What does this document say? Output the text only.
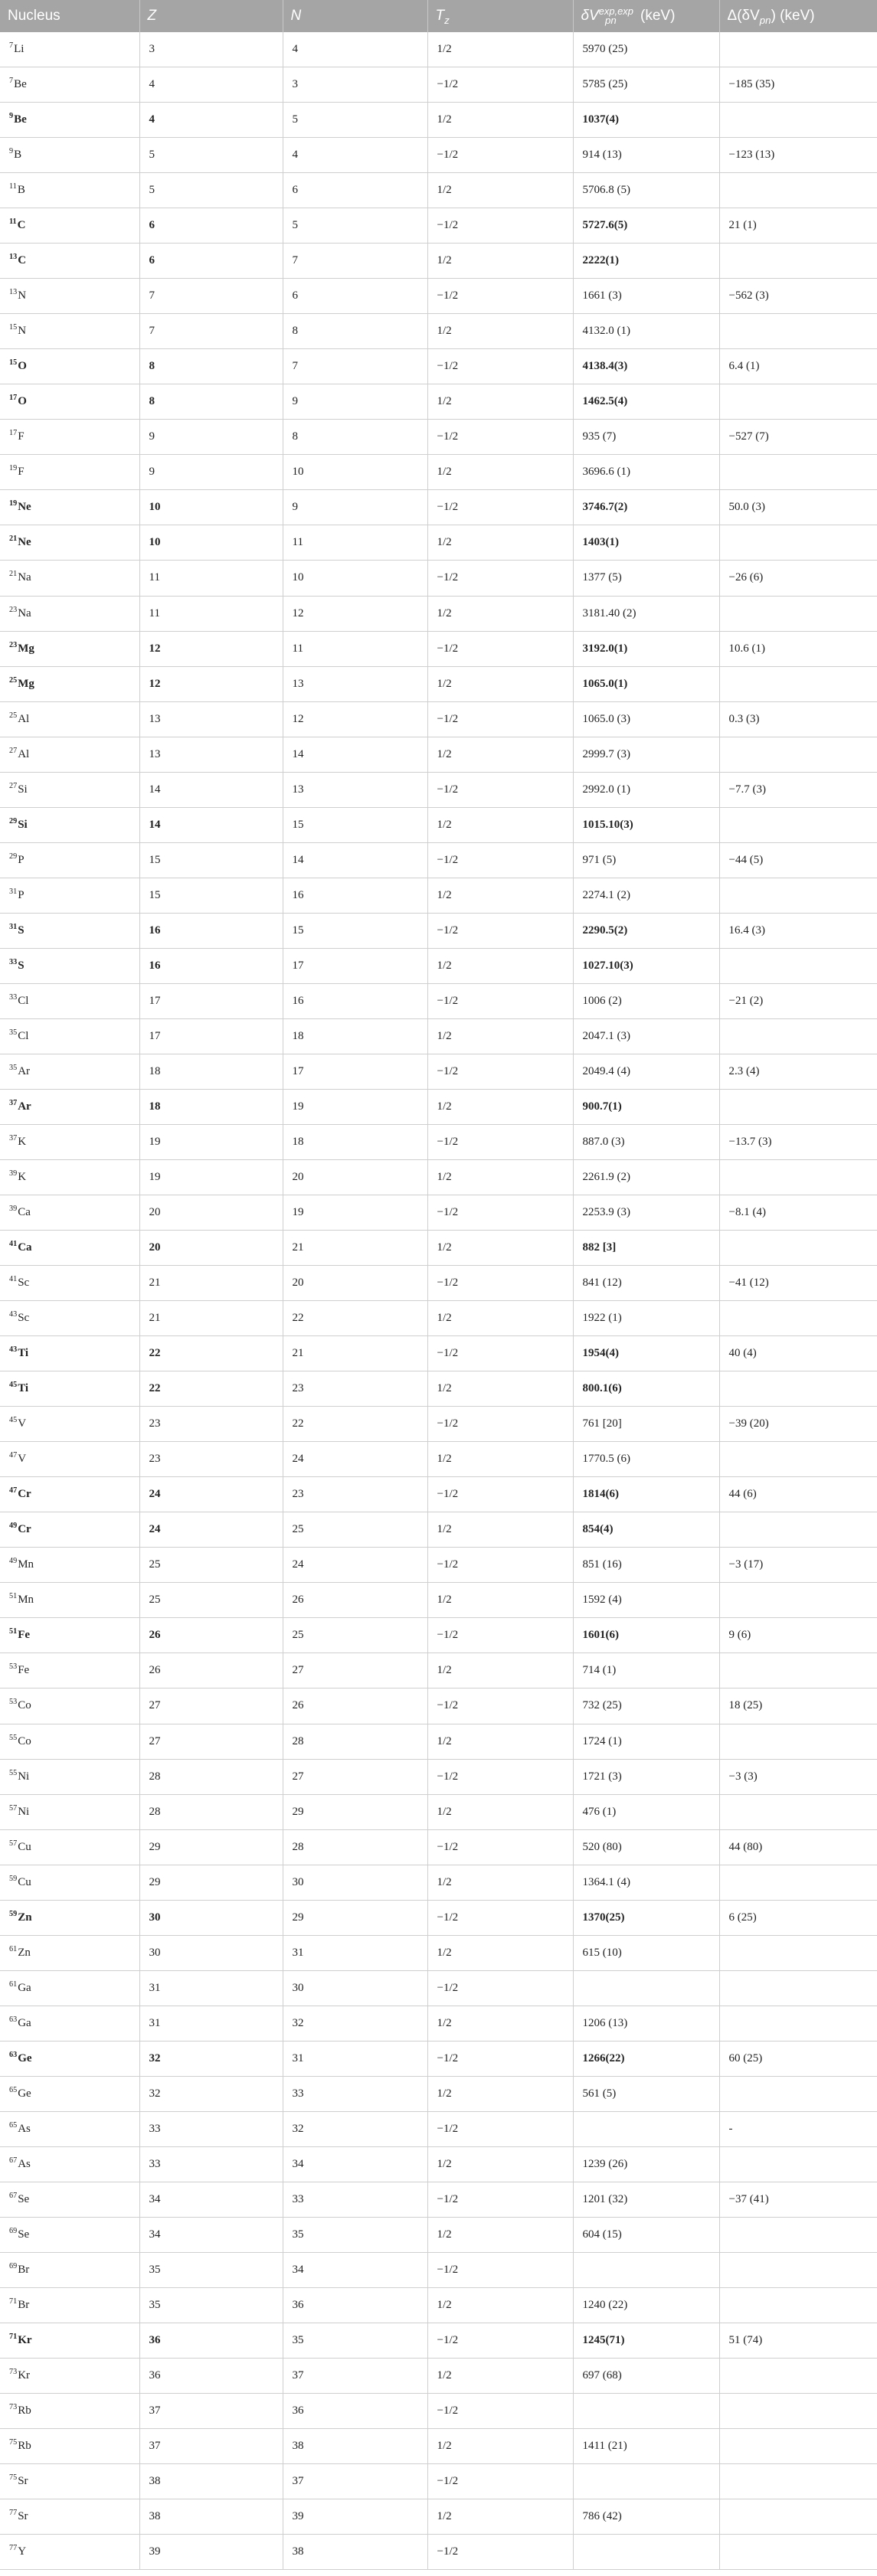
Nucleus	Z	N	$T_z$	$\delta V^{exp,exp}_{pn}$ (keV)	$\Delta(\delta V_{pn})$ (keV)
$^7$Li	3	4	1/2	5970 (25)	
$^7$Be	4	3	−1/2	5785 (25)	−185 (35)
$^9$Be	4	5	1/2	1037(4)	
$^9$B	5	4	−1/2	914 (13)	−123 (13)
$^{11}$B	5	6	1/2	5706.8 (5)	
$^{11}$C	6	5	−1/2	5727.6(5)	21 (1)
$^{13}$C	6	7	1/2	2222(1)	
$^{13}$N	7	6	−1/2	1661 (3)	−562 (3)
$^{15}$N	7	8	1/2	4132.0 (1)	
$^{15}$O	8	7	−1/2	4138.4(3)	6.4 (1)
$^{17}$O	8	9	1/2	1462.5(4)	
$^{17}$F	9	8	−1/2	935 (7)	−527 (7)
$^{19}$F	9	10	1/2	3696.6 (1)	
$^{19}$Ne	10	9	−1/2	3746.7(2)	50.0 (3)
$^{21}$Ne	10	11	1/2	1403(1)	
$^{21}$Na	11	10	−1/2	1377 (5)	−26 (6)
$^{23}$Na	11	12	1/2	3181.40 (2)	
$^{23}$Mg	12	11	−1/2	3192.0(1)	10.6 (1)
$^{25}$Mg	12	13	1/2	1065.0(1)	
$^{25}$Al	13	12	−1/2	1065.0 (3)	0.3 (3)
$^{27}$Al	13	14	1/2	2999.7 (3)	
$^{27}$Si	14	13	−1/2	2992.0 (1)	−7.7 (3)
$^{29}$Si	14	15	1/2	1015.10(3)	
$^{29}$P	15	14	−1/2	971 (5)	−44 (5)
$^{31}$P	15	16	1/2	2274.1 (2)	
$^{31}$S	16	15	−1/2	2290.5(2)	16.4 (3)
$^{33}$S	16	17	1/2	1027.10(3)	
$^{33}$Cl	17	16	−1/2	1006 (2)	−21 (2)
$^{35}$Cl	17	18	1/2	2047.1 (3)	
$^{35}$Ar	18	17	−1/2	2049.4 (4)	2.3 (4)
$^{37}$Ar	18	19	1/2	900.7(1)	
$^{37}$K	19	18	−1/2	887.0 (3)	−13.7 (3)
$^{39}$K	19	20	1/2	2261.9 (2)	
$^{39}$Ca	20	19	−1/2	2253.9 (3)	−8.1 (4)
$^{41}$Ca	20	21	1/2	882 [3]	
$^{41}$Sc	21	20	−1/2	841 (12)	−41 (12)
$^{43}$Sc	21	22	1/2	1922 (1)	
$^{43}$Ti	22	21	−1/2	1954(4)	40 (4)
$^{45}$Ti	22	23	1/2	800.1(6)	
$^{45}$V	23	22	−1/2	761 [20]	−39 (20)
$^{47}$V	23	24	1/2	1770.5 (6)	
$^{47}$Cr	24	23	−1/2	1814(6)	44 (6)
$^{49}$Cr	24	25	1/2	854(4)	
$^{49}$Mn	25	24	−1/2	851 (16)	−3 (17)
$^{51}$Mn	25	26	1/2	1592 (4)	
$^{51}$Fe	26	25	−1/2	1601(6)	9 (6)
$^{53}$Fe	26	27	1/2	714 (1)	
$^{53}$Co	27	26	−1/2	732 (25)	18 (25)
$^{55}$Co	27	28	1/2	1724 (1)	
$^{55}$Ni	28	27	−1/2	1721 (3)	−3 (3)
$^{57}$Ni	28	29	1/2	476 (1)	
$^{57}$Cu	29	28	−1/2	520 (80)	44 (80)
$^{59}$Cu	29	30	1/2	1364.1 (4)	
$^{59}$Zn	30	29	−1/2	1370(25)	6 (25)
$^{61}$Zn	30	31	1/2	615 (10)	
$^{61}$Ga	31	30	−1/2		
$^{63}$Ga	31	32	1/2	1206 (13)	
$^{63}$Ge	32	31	−1/2	1266(22)	60 (25)
$^{65}$Ge	32	33	1/2	561 (5)	
$^{65}$As	33	32	−1/2		-
$^{67}$As	33	34	1/2	1239 (26)	
$^{67}$Se	34	33	−1/2	1201 (32)	−37 (41)
$^{69}$Se	34	35	1/2	604 (15)	
$^{69}$Br	35	34	−1/2		
$^{71}$Br	35	36	1/2	1240 (22)	
$^{71}$Kr	36	35	−1/2	1245(71)	51 (74)
$^{73}$Kr	36	37	1/2	697 (68)	
$^{73}$Rb	37	36	−1/2		
$^{75}$Rb	37	38	1/2	1411 (21)	
$^{75}$Sr	38	37	−1/2		
$^{77}$Sr	38	39	1/2	786 (42)	
$^{77}$Y	39	38	−1/2		
